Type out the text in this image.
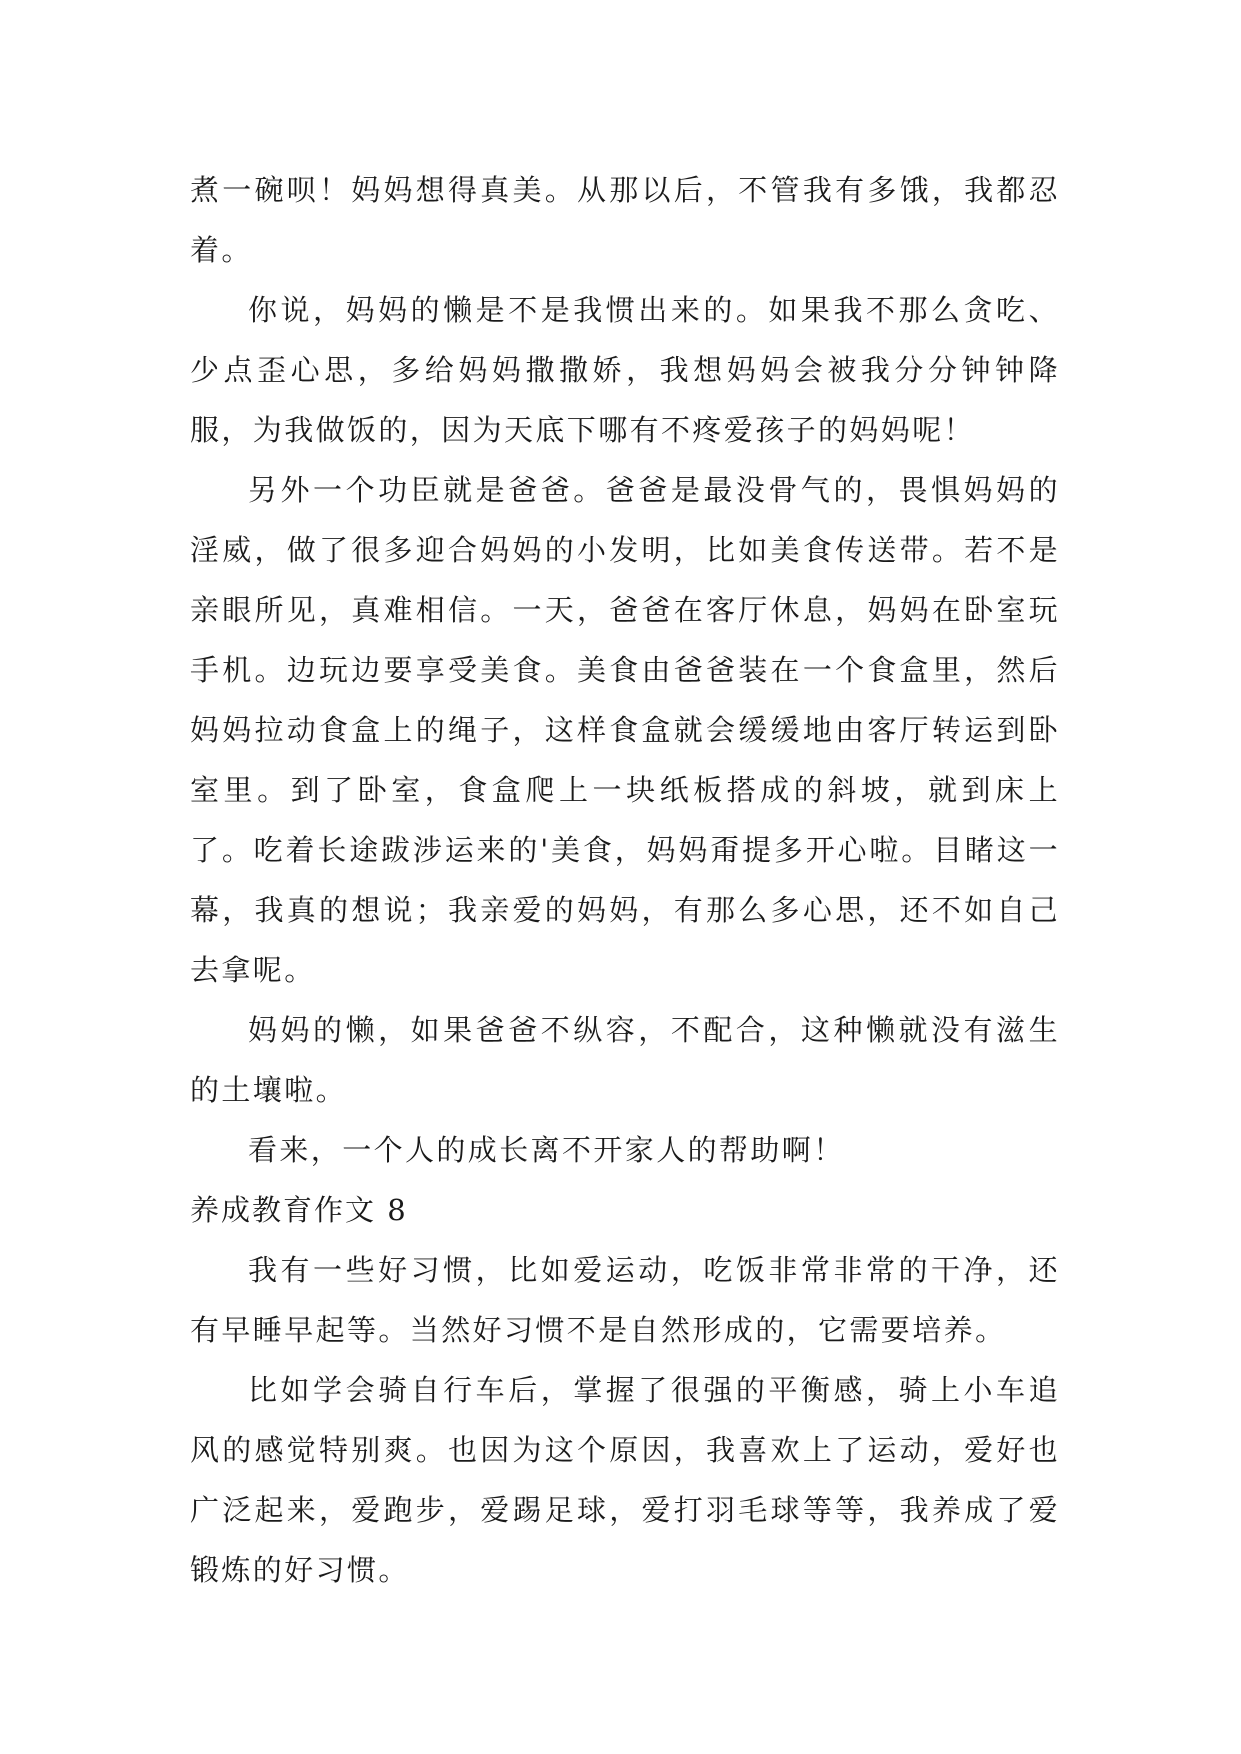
煮一碗呗！妈妈想得真美。从那以后，不管我有多饿，我都忍着。

你说，妈妈的懒是不是我惯出来的。如果我不那么贪吃、少点歪心思，多给妈妈撒撒娇，我想妈妈会被我分分钟钟降服，为我做饭的，因为天底下哪有不疼爱孩子的妈妈呢！

另外一个功臣就是爸爸。爸爸是最没骨气的，畏惧妈妈的淫威，做了很多迎合妈妈的小发明，比如美食传送带。若不是亲眼所见，真难相信。一天，爸爸在客厅休息，妈妈在卧室玩手机。边玩边要享受美食。美食由爸爸装在一个食盒里，然后妈妈拉动食盒上的绳子，这样食盒就会缓缓地由客厅转运到卧室里。到了卧室，食盒爬上一块纸板搭成的斜坡，就到床上了。吃着长途跋涉运来的'美食，妈妈甭提多开心啦。目睹这一幕，我真的想说；我亲爱的妈妈，有那么多心思，还不如自己去拿呢。

妈妈的懒，如果爸爸不纵容，不配合，这种懒就没有滋生的土壤啦。

看来，一个人的成长离不开家人的帮助啊！

养成教育作文 8

我有一些好习惯，比如爱运动，吃饭非常非常的干净，还有早睡早起等。当然好习惯不是自然形成的，它需要培养。

比如学会骑自行车后，掌握了很强的平衡感，骑上小车追风的感觉特别爽。也因为这个原因，我喜欢上了运动，爱好也广泛起来，爱跑步，爱踢足球，爱打羽毛球等等，我养成了爱锻炼的好习惯。
